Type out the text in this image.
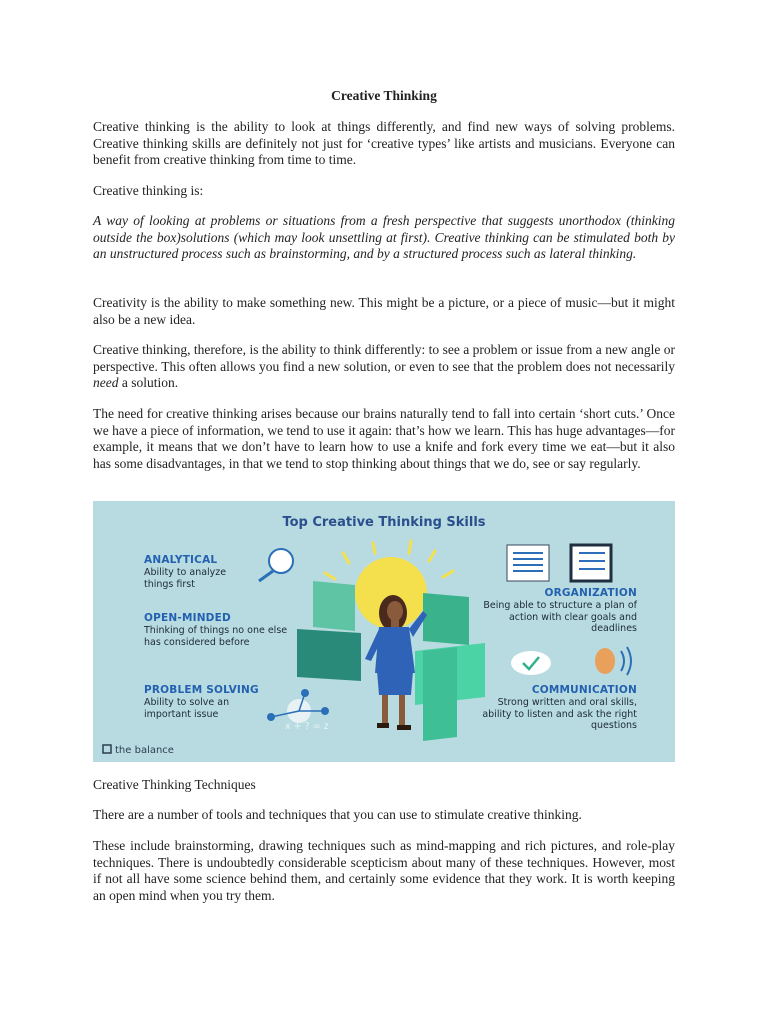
Creative Thinking

Creative thinking is the ability to look at things differently, and find new ways of solving problems. Creative thinking skills are definitely not just for ‘creative types’ like artists and musicians. Everyone can benefit from creative thinking from time to time.

Creative thinking is:

A way of looking at problems or situations from a fresh perspective that suggests unorthodox (thinking outside the box)solutions (which may look unsettling at first). Creative thinking can be stimulated both by an unstructured process such as brainstorming, and by a structured process such as lateral thinking.

Creativity is the ability to make something new. This might be a picture, or a piece of music—but it might also be a new idea.

Creative thinking, therefore, is the ability to think differently: to see a problem or issue from a new angle or perspective. This often allows you find a new solution, or even to see that the problem does not necessarily need a solution.

The need for creative thinking arises because our brains naturally tend to fall into certain ‘short cuts.’ Once we have a piece of information, we tend to use it again: that’s how we learn. This has huge advantages—for example, it means that we don’t have to learn how to use a knife and fork every time we eat—but it also has some disadvantages, in that we tend to stop thinking about things that we do, see or say regularly.

Top Creative Thinking Skills
ANALYTICAL
Ability to analyze things first
OPEN-MINDED
Thinking of things no one else has considered before
PROBLEM SOLVING
Ability to solve an important issue
ORGANIZATION
Being able to structure a plan of action with clear goals and deadlines
COMMUNICATION
Strong written and oral skills, ability to listen and ask the right questions
x + ? = z
the balance

Creative Thinking Techniques

There are a number of tools and techniques that you can use to stimulate creative thinking.

These include brainstorming, drawing techniques such as mind-mapping and rich pictures, and role-play techniques. There is undoubtedly considerable scepticism about many of these techniques. However, most if not all have some science behind them, and certainly some evidence that they work. It is worth keeping an open mind when you try them.
